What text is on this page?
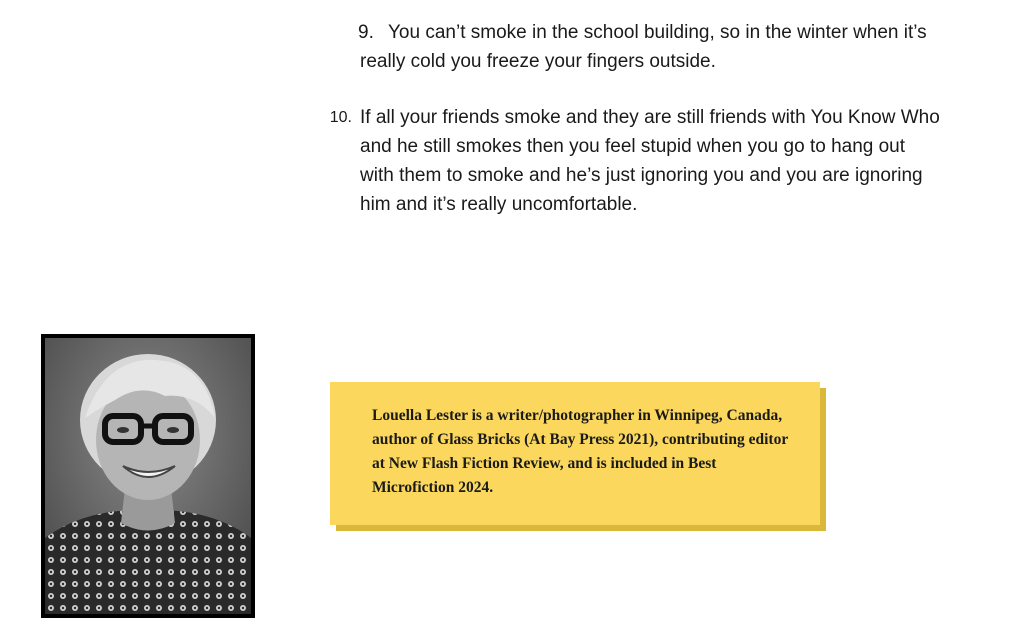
9. You can’t smoke in the school building, so in the winter when it’s really cold you freeze your fingers outside.
10. If all your friends smoke and they are still friends with You Know Who and he still smokes then you feel stupid when you go to hang out with them to smoke and he’s just ignoring you and you are ignoring him and it’s really uncomfortable.

Louella Lester is a writer/photographer in Winnipeg, Canada, author of Glass Bricks (At Bay Press 2021), contributing editor at New Flash Fiction Review, and is included in Best Microfiction 2024.
